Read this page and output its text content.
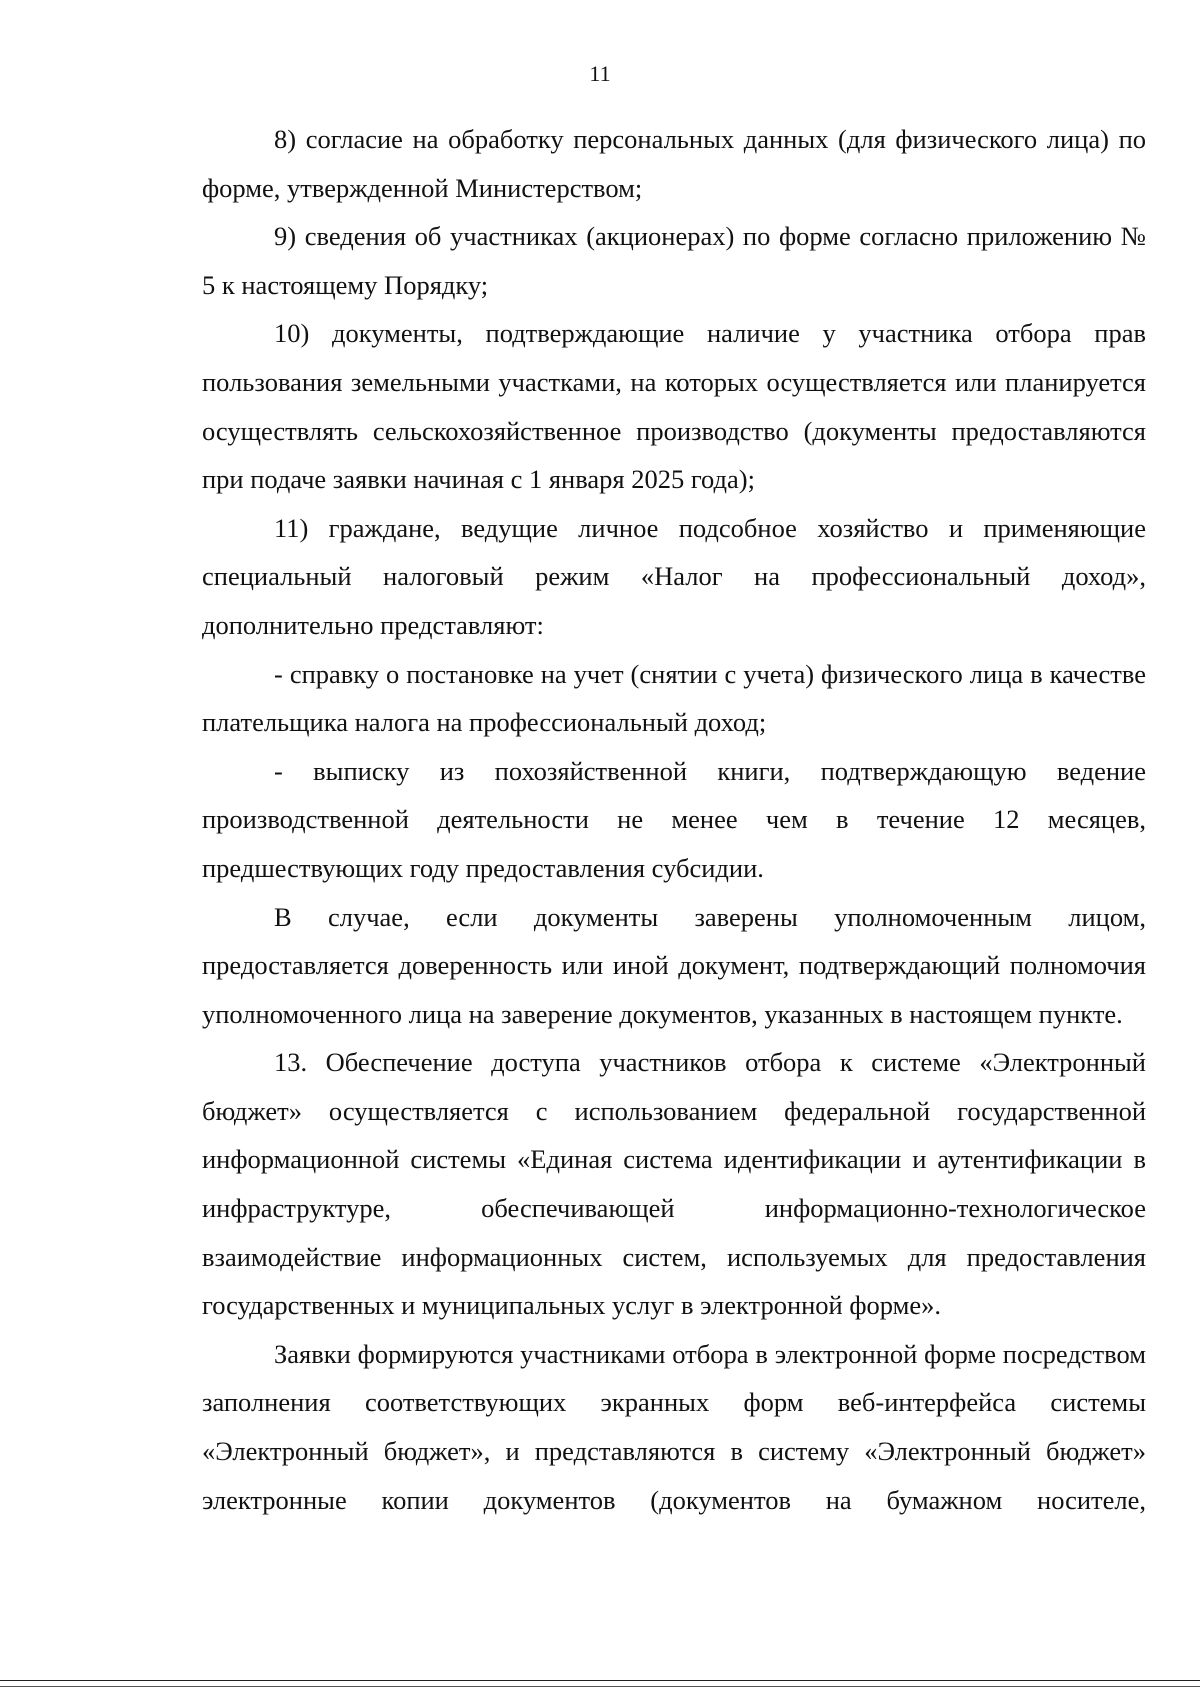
11

8) согласие на обработку персональных данных (для физического лица) по форме, утвержденной Министерством;

9) сведения об участниках (акционерах) по форме согласно приложению № 5 к настоящему Порядку;

10) документы, подтверждающие наличие у участника отбора прав пользования земельными участками, на которых осуществляется или планируется осуществлять сельскохозяйственное производство (документы предоставляются при подаче заявки начиная с 1 января 2025 года);

11) граждане, ведущие личное подсобное хозяйство и применяющие специальный налоговый режим «Налог на профессиональный доход», дополнительно представляют:

- справку о постановке на учет (снятии с учета) физического лица в качестве плательщика налога на профессиональный доход;

- выписку из похозяйственной книги, подтверждающую ведение производственной деятельности не менее чем в течение 12 месяцев, предшествующих году предоставления субсидии.

В случае, если документы заверены уполномоченным лицом, предоставляется доверенность или иной документ, подтверждающий полномочия уполномоченного лица на заверение документов, указанных в настоящем пункте.

13. Обеспечение доступа участников отбора к системе «Электронный бюджет» осуществляется с использованием федеральной государственной информационной системы «Единая система идентификации и аутентификации в инфраструктуре, обеспечивающей информационно-технологическое взаимодействие информационных систем, используемых для предоставления государственных и муниципальных услуг в электронной форме».

Заявки формируются участниками отбора в электронной форме посредством заполнения соответствующих экранных форм веб-интерфейса системы «Электронный бюджет», и представляются в систему «Электронный бюджет» электронные копии документов (документов на бумажном носителе,
